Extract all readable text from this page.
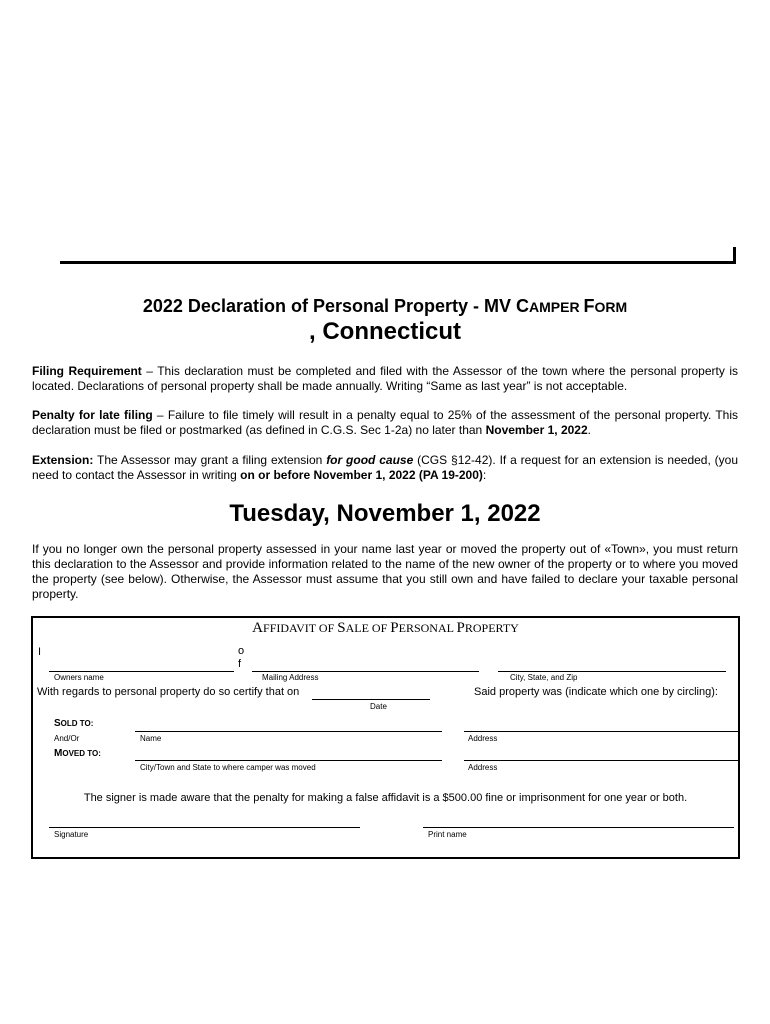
2022 Declaration of Personal Property - MV CAMPER FORM
, Connecticut
Filing Requirement – This declaration must be completed and filed with the Assessor of the town where the personal property is located. Declarations of personal property shall be made annually. Writing “Same as last year” is not acceptable.
Penalty for late filing – Failure to file timely will result in a penalty equal to 25% of the assessment of the personal property. This declaration must be filed or postmarked (as defined in C.G.S. Sec 1-2a) no later than November 1, 2022.
Extension: The Assessor may grant a filing extension for good cause (CGS §12-42). If a request for an extension is needed, (you need to contact the Assessor in writing on or before November 1, 2022 (PA 19-200):
Tuesday, November 1, 2022
If you no longer own the personal property assessed in your name last year or moved the property out of «Town», you must return this declaration to the Assessor and provide information related to the name of the new owner of the property or to where you moved the property (see below). Otherwise, the Assessor must assume that you still own and have failed to declare your taxable personal property.
AFFIDAVIT OF SALE OF PERSONAL PROPERTY
I	o
f
Owners name	Mailing Address	City, State, and Zip
With regards to personal property do so certify that on
Date
Said property was (indicate which one by circling):
SOLD TO:
And/Or	Name	Address
MOVED TO:
City/Town and State to where camper was moved	Address
The signer is made aware that the penalty for making a false affidavit is a $500.00 fine or imprisonment for one year or both.
Signature	Print name
